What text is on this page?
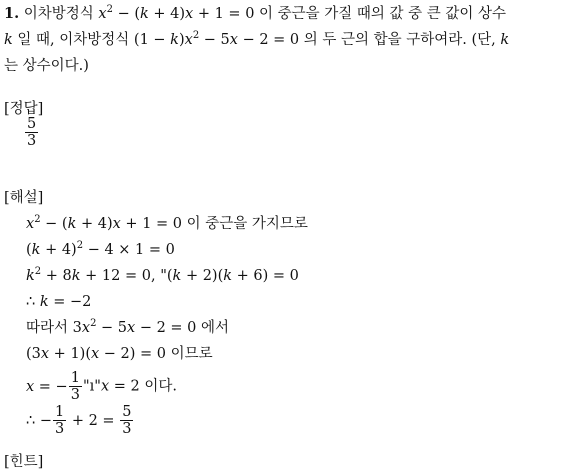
1. 이차방정식 $x^2 - (k + 4)x + 1 = 0$ 이 중근을 가질 때의 값 중 큰 값이 상수
k 일 때, 이차방정식 $(1 - k)x^2 - 5x - 2 = 0$ 의 두 근의 합을 구하여라. (단, k
는 상수이다.)
[정답]
$\frac{5}{3}$
[해설]
$x^2 - (k + 4)x + 1 = 0$ 이 중근을 가지므로
$(k + 4)^2 - 4 \times 1 = 0$
$k^2 + 8k + 12 = 0$, "(k + 2)(k + 6) = 0
∴ k = −2
따라서 $3x^2 - 5x - 2 = 0$ 에서
(3x + 1)(x − 2) = 0 이므로
x = − $\frac{1}{3}$ "ı"x = 2 이다.
∴ − $\frac{1}{3} + 2 = \frac{5}{3}$
[힌트]
